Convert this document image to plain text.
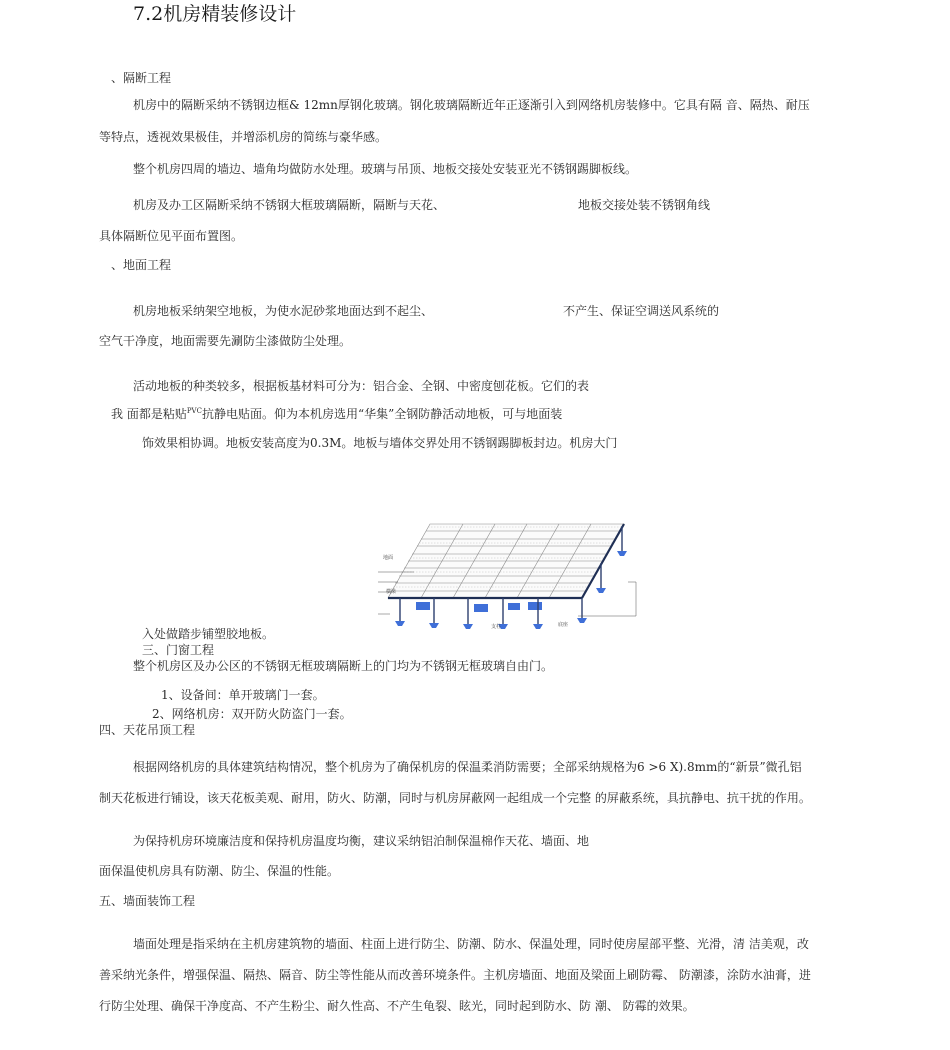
7.2机房精装修设计
、隔断工程
机房中的隔断采纳不锈钢边框& 12mn厚钢化玻璃。钢化玻璃隔断近年正逐渐引入到网络机房装修中。它具有隔 音、隔热、耐压
等特点，透视效果极佳，并增添机房的简练与豪华感。
整个机房四周的墙边、墙角均做防水处理。玻璃与吊顶、地板交接处安装亚光不锈钢踢脚板线。
机房及办工区隔断采纳不锈钢大框玻璃隔断，隔断与天花、	地板交接处装不锈钢角线
具体隔断位见平面布置图。
、地面工程
机房地板采纳架空地板，为使水泥砂浆地面达到不起尘、	不产生、保证空调送风系统的
空气干净度，地面需要先涮防尘漆做防尘处理。
活动地板的种类较多，根据板基材料可分为：铝合金、全钢、中密度刨花板。它们的表
我 面都是粘贴$^{PVC}$抗静电贴面。仰为本机房选用“华集”全钢防静活动地板，可与地面装
饰效果相协调。地板安装高度为0.3M。地板与墙体交界处用不锈钢踢脚板封边。机房大门
地面
横梁
支柱	底座
入处做踏步铺塑胶地板。
三、门窗工程
整个机房区及办公区的不锈钢无框玻璃隔断上的门均为不锈钢无框玻璃自由门。
1、设备间：单开玻璃门一套。
2、网络机房：双开防火防盗门一套。
四、天花吊顶工程
根据网络机房的具体建筑结构情况，整个机房为了确保机房的保温柔消防需要；全部采纳规格为6 >6 X).8mm的“新景”微孔铝
制天花板进行铺设，该天花板美观、耐用，防火、防潮，同时与机房屏蔽网一起组成一个完整 的屏蔽系统，具抗静电、抗干扰的作用。
为保持机房环境廉洁度和保持机房温度均衡，建议采纳铝泊制保温棉作天花、墙面、地
面保温使机房具有防潮、防尘、保温的性能。
五、墙面装饰工程
墙面处理是指采纳在主机房建筑物的墙面、柱面上进行防尘、防潮、防水、保温处理，同时使房屋部平整、光滑，清 洁美观，改
善采纳光条件，增强保温、隔热、隔音、防尘等性能从而改善环境条件。主机房墙面、地面及梁面上刷防霉、 防潮漆，涂防水油膏，进
行防尘处理、确保干净度高、不产生粉尘、耐久性高、不产生龟裂、眩光，同时起到防水、防 潮、 防霉的效果。
